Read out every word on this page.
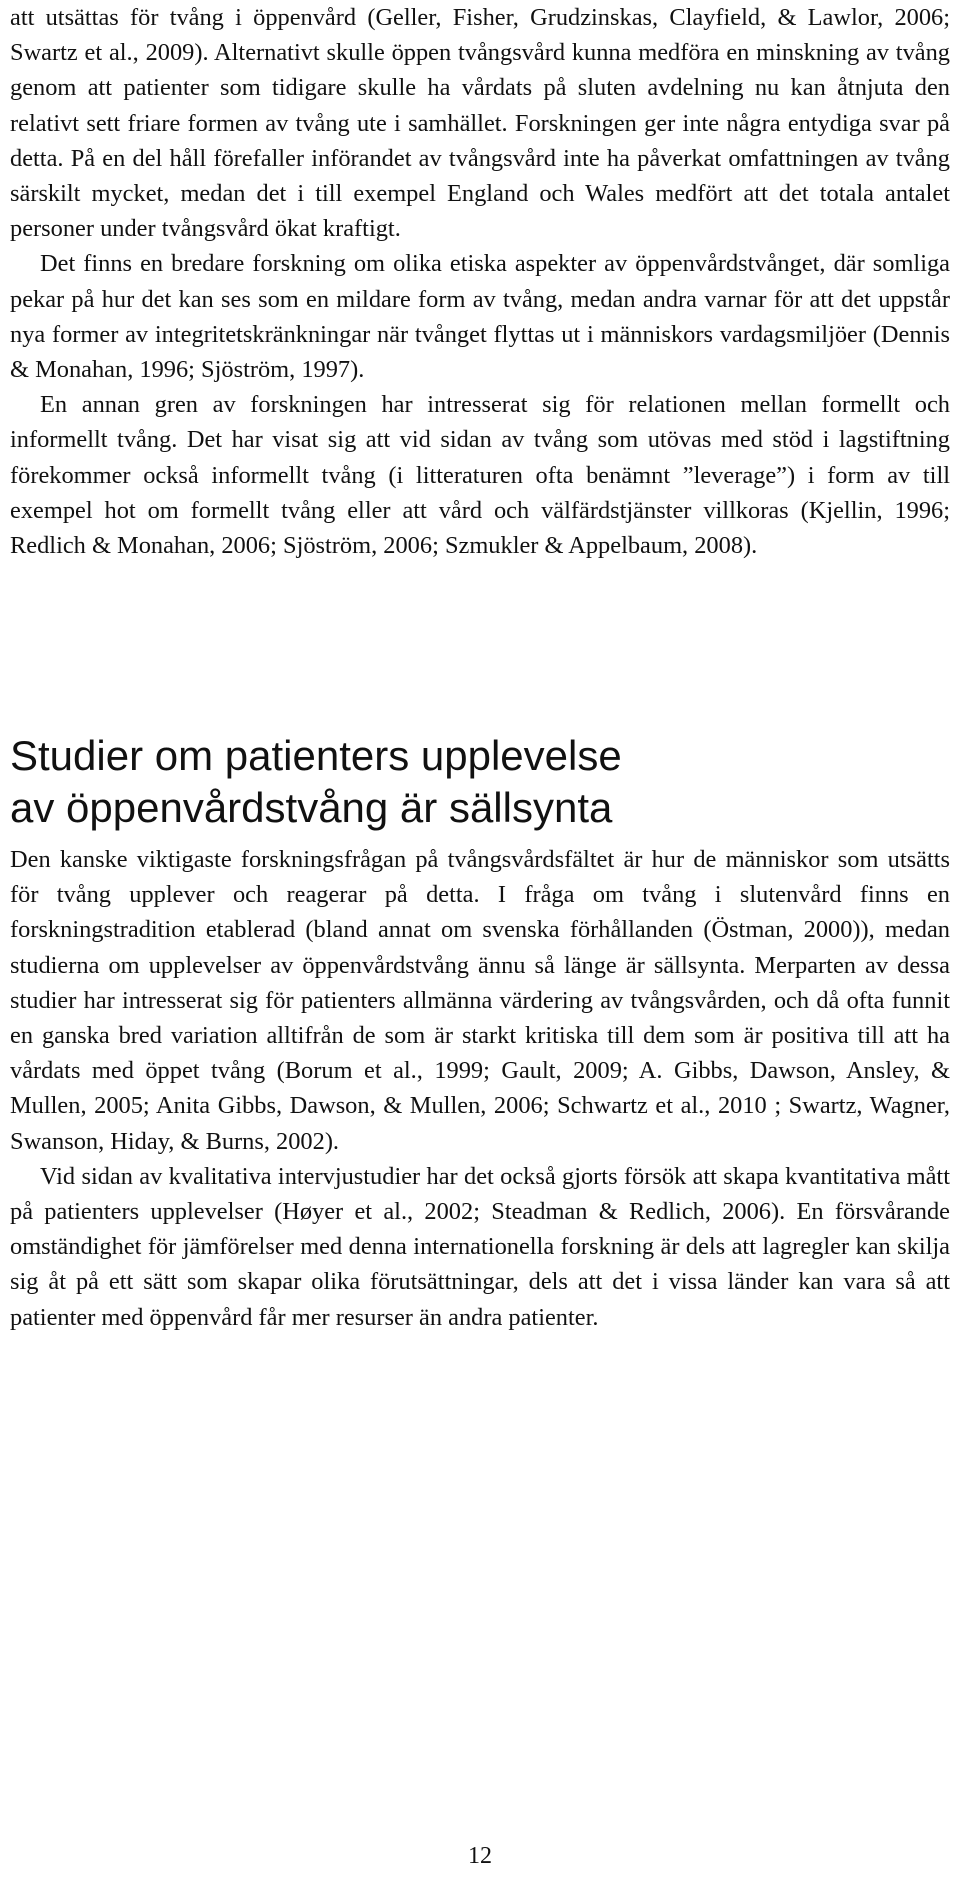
att utsättas för tvång i öppenvård (Geller, Fisher, Grudzinskas, Clayfield, & Lawlor, 2006; Swartz et al., 2009). Alternativt skulle öppen tvångsvård kunna medföra en minskning av tvång genom att patienter som tidigare skulle ha vårdats på sluten avdelning nu kan åtnjuta den relativt sett friare formen av tvång ute i samhället. Forskningen ger inte några entydiga svar på detta. På en del håll förefaller införandet av tvångsvård inte ha påverkat omfattningen av tvång särskilt mycket, medan det i till exempel England och Wales medfört att det totala antalet personer under tvångsvård ökat kraftigt.

Det finns en bredare forskning om olika etiska aspekter av öppenvårdstvånget, där somliga pekar på hur det kan ses som en mildare form av tvång, medan andra varnar för att det uppstår nya former av integritetskränkningar när tvånget flyttas ut i människors vardagsmiljöer (Dennis & Monahan, 1996; Sjöström, 1997).

En annan gren av forskningen har intresserat sig för relationen mellan formellt och informellt tvång. Det har visat sig att vid sidan av tvång som utövas med stöd i lagstiftning förekommer också informellt tvång (i litteraturen ofta benämnt ”leverage”) i form av till exempel hot om formellt tvång eller att vård och välfärdstjänster villkoras (Kjellin, 1996; Redlich & Monahan, 2006; Sjöström, 2006; Szmukler & Appelbaum, 2008).

Studier om patienters upplevelse
av öppenvårdstvång är sällsynta

Den kanske viktigaste forskningsfrågan på tvångsvårdsfältet är hur de människor som utsätts för tvång upplever och reagerar på detta. I fråga om tvång i slutenvård finns en forskningstradition etablerad (bland annat om svenska förhållanden (Östman, 2000)), medan studierna om upplevelser av öppenvårdstvång ännu så länge är sällsynta. Merparten av dessa studier har intresserat sig för patienters allmänna värdering av tvångsvården, och då ofta funnit en ganska bred variation alltifrån de som är starkt kritiska till dem som är positiva till att ha vårdats med öppet tvång (Borum et al., 1999; Gault, 2009; A. Gibbs, Dawson, Ansley, & Mullen, 2005; Anita Gibbs, Dawson, & Mullen, 2006; Schwartz et al., 2010 ; Swartz, Wagner, Swanson, Hiday, & Burns, 2002).

Vid sidan av kvalitativa intervjustudier har det också gjorts försök att skapa kvantitativa mått på patienters upplevelser (Høyer et al., 2002; Steadman & Redlich, 2006). En försvårande omständighet för jämförelser med denna internationella forskning är dels att lagregler kan skilja sig åt på ett sätt som skapar olika förutsättningar, dels att det i vissa länder kan vara så att patienter med öppenvård får mer resurser än andra patienter.

12
